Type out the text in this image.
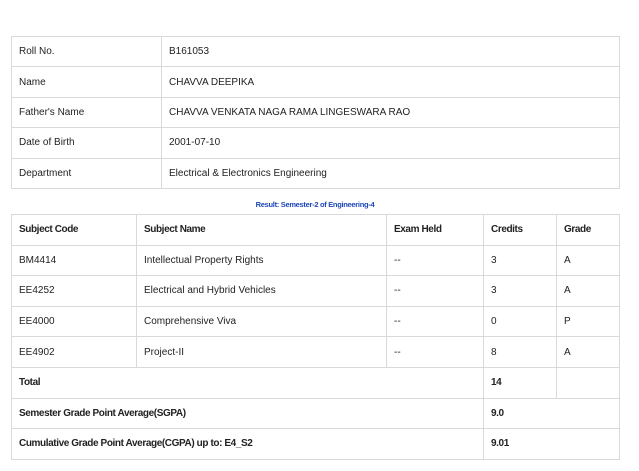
Roll No.	B161053
Name	CHAVVA DEEPIKA
Father's Name	CHAVVA VENKATA NAGA RAMA LINGESWARA RAO
Date of Birth	2001-07-10
Department	Electrical & Electronics Engineering
Result: Semester-2 of Engineering-4
Subject Code	Subject Name	Exam Held	Credits	Grade
BM4414	Intellectual Property Rights	--	3	A
EE4252	Electrical and Hybrid Vehicles	--	3	A
EE4000	Comprehensive Viva	--	0	P
EE4902	Project-II	--	8	A
Total			14	
Semester Grade Point Average(SGPA)			9.0	
Cumulative Grade Point Average(CGPA) up to: E4_S2			9.01	
